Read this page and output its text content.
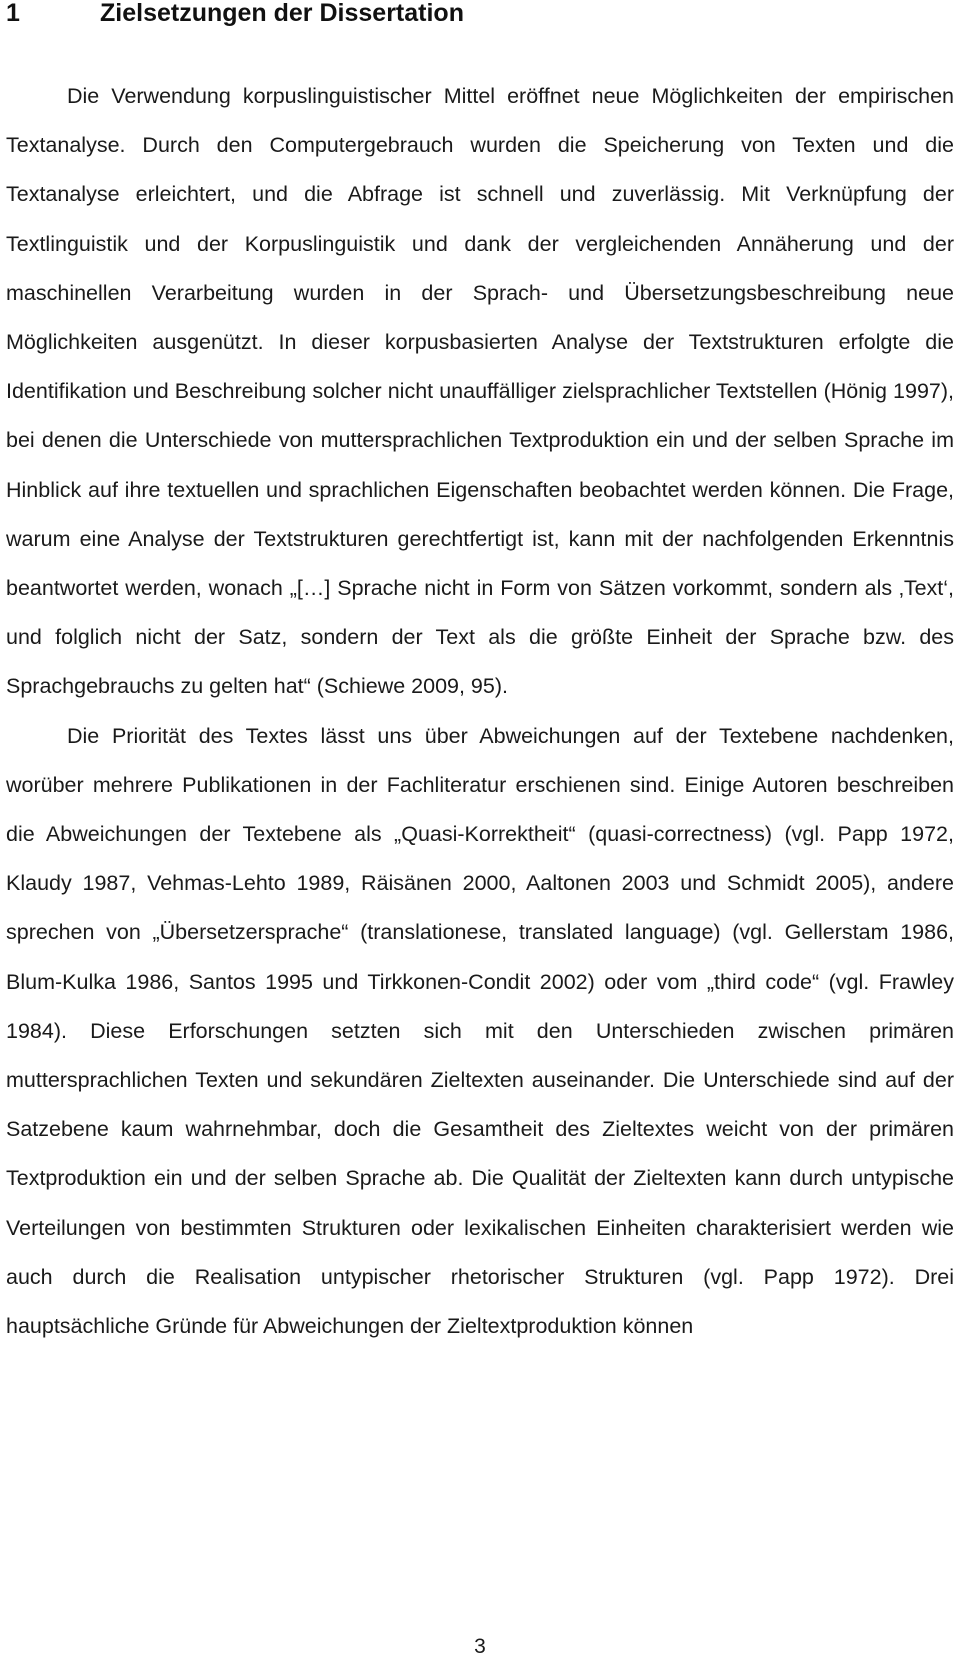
1	Zielsetzungen der Dissertation

Die Verwendung korpuslinguistischer Mittel eröffnet neue Möglichkeiten der empirischen Textanalyse. Durch den Computergebrauch wurden die Speicherung von Texten und die Textanalyse erleichtert, und die Abfrage ist schnell und zuverlässig. Mit Verknüpfung der Textlinguistik und der Korpuslinguistik und dank der vergleichenden Annäherung und der maschinellen Verarbeitung wurden in der Sprach- und Übersetzungsbeschreibung neue Möglichkeiten ausgenützt. In dieser korpusbasierten Analyse der Textstrukturen erfolgte die Identifikation und Beschreibung solcher nicht unauffälliger zielsprachlicher Textstellen (Hönig 1997), bei denen die Unterschiede von muttersprachlichen Textproduktion ein und der selben Sprache im Hinblick auf ihre textuellen und sprachlichen Eigenschaften beobachtet werden können. Die Frage, warum eine Analyse der Textstrukturen gerechtfertigt ist, kann mit der nachfolgenden Erkenntnis beantwortet werden, wonach „[…] Sprache nicht in Form von Sätzen vorkommt, sondern als ‚Text‘, und folglich nicht der Satz, sondern der Text als die größte Einheit der Sprache bzw. des Sprachgebrauchs zu gelten hat“ (Schiewe 2009, 95).

Die Priorität des Textes lässt uns über Abweichungen auf der Textebene nachdenken, worüber mehrere Publikationen in der Fachliteratur erschienen sind. Einige Autoren beschreiben die Abweichungen der Textebene als „Quasi-Korrektheit“ (quasi-correctness) (vgl. Papp 1972, Klaudy 1987, Vehmas-Lehto 1989, Räisänen 2000, Aaltonen 2003 und Schmidt 2005), andere sprechen von „Übersetzersprache“ (translationese, translated language) (vgl. Gellerstam 1986, Blum-Kulka 1986, Santos 1995 und Tirkkonen-Condit 2002) oder vom „third code“ (vgl. Frawley 1984). Diese Erforschungen setzten sich mit den Unterschieden zwischen primären muttersprachlichen Texten und sekundären Zieltexten auseinander. Die Unterschiede sind auf der Satzebene kaum wahrnehmbar, doch die Gesamtheit des Zieltextes weicht von der primären Textproduktion ein und der selben Sprache ab. Die Qualität der Zieltexten kann durch untypische Verteilungen von bestimmten Strukturen oder lexikalischen Einheiten charakterisiert werden wie auch durch die Realisation untypischer rhetorischer Strukturen (vgl. Papp 1972). Drei hauptsächliche Gründe für Abweichungen der Zieltextproduktion können

3
